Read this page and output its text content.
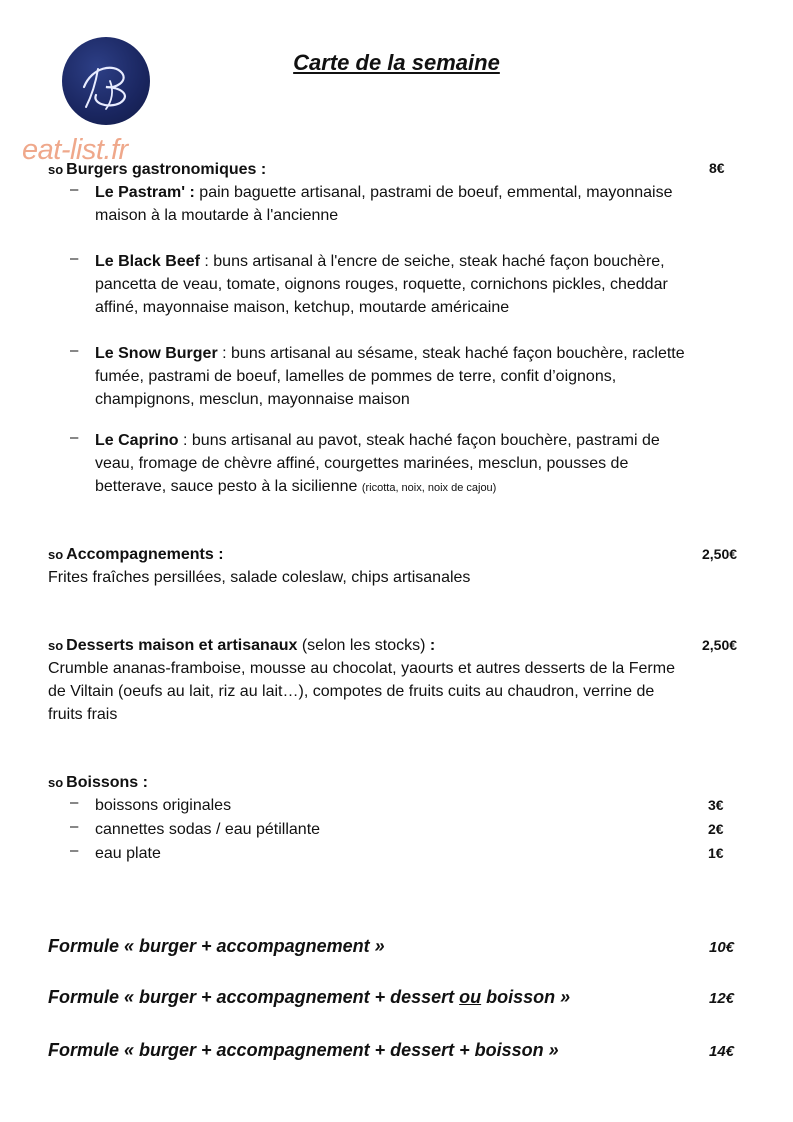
eat-list.fr
Carte de la semaine
so Burgers gastronomiques :	8€
– Le Pastram' : pain baguette artisanal, pastrami de boeuf, emmental, mayonnaise
maison à la moutarde à l'ancienne
– Le Black Beef : buns artisanal à l'encre de seiche, steak haché façon bouchère,
pancetta de veau, tomate, oignons rouges, roquette, cornichons pickles, cheddar
affiné, mayonnaise maison, ketchup, moutarde américaine
– Le Snow Burger : buns artisanal au sésame, steak haché façon bouchère, raclette
fumée, pastrami de boeuf, lamelles de pommes de terre, confit d’oignons,
champignons, mesclun, mayonnaise maison
– Le Caprino : buns artisanal au pavot, steak haché façon bouchère, pastrami de
veau, fromage de chèvre affiné, courgettes marinées, mesclun, pousses de
betterave, sauce pesto à la sicilienne (ricotta, noix, noix de cajou)
so Accompagnements :	2,50€
Frites fraîches persillées, salade coleslaw, chips artisanales
so Desserts maison et artisanaux (selon les stocks) :	2,50€
Crumble ananas-framboise, mousse au chocolat, yaourts et autres desserts de la Ferme
de Viltain (oeufs au lait, riz au lait…), compotes de fruits cuits au chaudron, verrine de
fruits frais
so Boissons :
– boissons originales	3€
– cannettes sodas / eau pétillante	2€
– eau plate	1€
Formule « burger + accompagnement »	10€
Formule « burger + accompagnement + dessert ou boisson »	12€
Formule « burger + accompagnement + dessert + boisson »	14€
